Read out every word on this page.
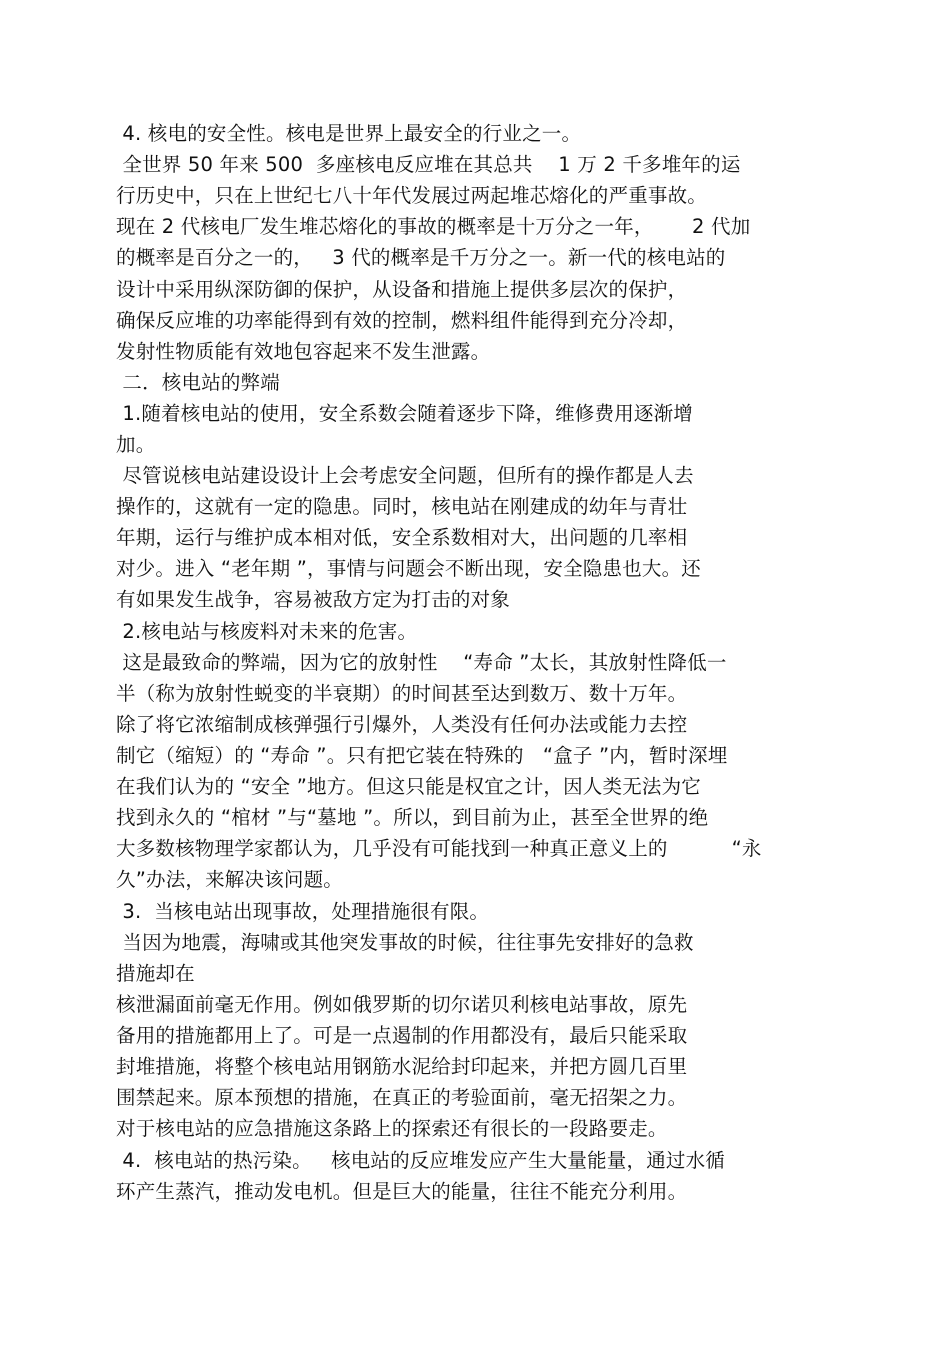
4. 核电的安全性。核电是世界上最安全的行业之一。
全世界 50 年来 500  多座核电反应堆在其总共    1 万 2 千多堆年的运
行历史中，只在上世纪七八十年代发展过两起堆芯熔化的严重事故。
现在 2 代核电厂发生堆芯熔化的事故的概率是十万分之一年，      2 代加
的概率是百分之一的，   3 代的概率是千万分之一。新一代的核电站的
设计中采用纵深防御的保护，从设备和措施上提供多层次的保护，
确保反应堆的功率能得到有效的控制，燃料组件能得到充分冷却，
发射性物质能有效地包容起来不发生泄露。
二．核电站的弊端
1.随着核电站的使用，安全系数会随着逐步下降，维修费用逐渐增
加。
尽管说核电站建设设计上会考虑安全问题，但所有的操作都是人去
操作的，这就有一定的隐患。同时，核电站在刚建成的幼年与青壮
年期，运行与维护成本相对低，安全系数相对大，出问题的几率相
对少。进入 “老年期 ”，事情与问题会不断出现，安全隐患也大。还
有如果发生战争，容易被敌方定为打击的对象
2.核电站与核废料对未来的危害。
这是最致命的弊端，因为它的放射性    “寿命 ”太长，其放射性降低一
半（称为放射性蜕变的半衰期）的时间甚至达到数万、数十万年。
除了将它浓缩制成核弹强行引爆外，人类没有任何办法或能力去控
制它（缩短）的 “寿命 ”。只有把它装在特殊的   “盒子 ”内，暂时深埋
在我们认为的 “安全 ”地方。但这只能是权宜之计，因人类无法为它
找到永久的 “棺材 ”与“墓地 ”。所以，到目前为止，甚至全世界的绝
大多数核物理学家都认为，几乎没有可能找到一种真正意义上的          “永
久”办法，来解决该问题。
3.  当核电站出现事故，处理措施很有限。
当因为地震，海啸或其他突发事故的时候，往往事先安排好的急救
措施却在
核泄漏面前毫无作用。例如俄罗斯的切尔诺贝利核电站事故，原先
备用的措施都用上了。可是一点遏制的作用都没有，最后只能采取
封堆措施，将整个核电站用钢筋水泥给封印起来，并把方圆几百里
围禁起来。原本预想的措施，在真正的考验面前，毫无招架之力。
对于核电站的应急措施这条路上的探索还有很长的一段路要走。
4.  核电站的热污染。   核电站的反应堆发应产生大量能量，通过水循
环产生蒸汽，推动发电机。但是巨大的能量，往往不能充分利用。
